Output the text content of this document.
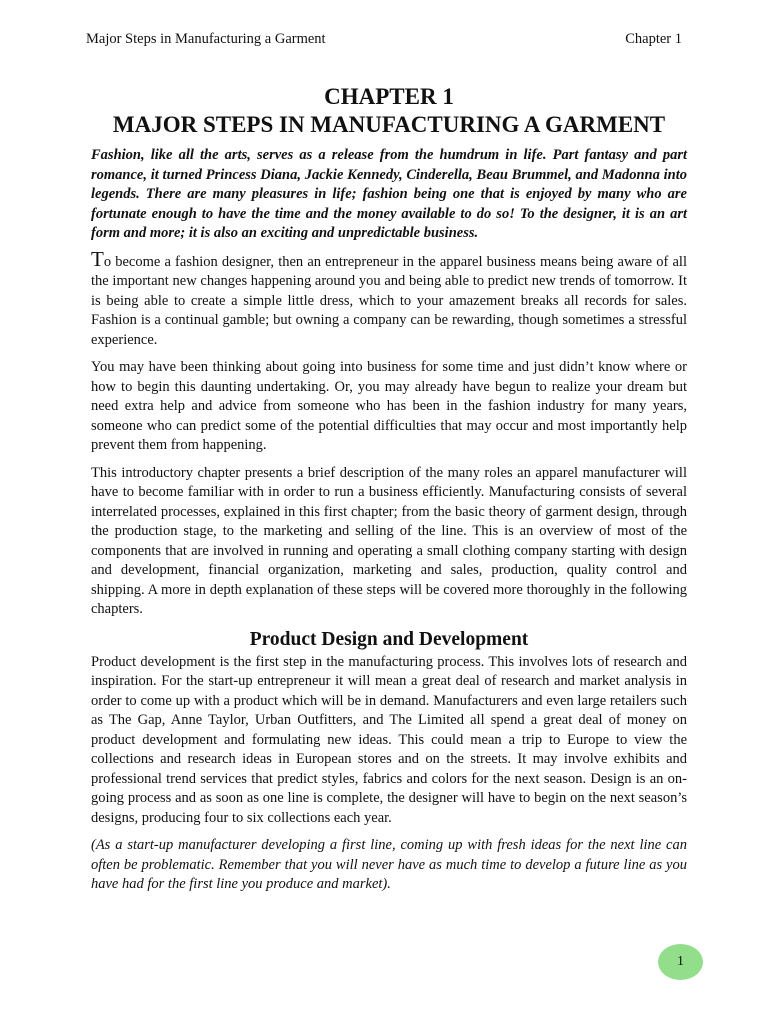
Major Steps in Manufacturing a Garment	Chapter 1
CHAPTER 1
MAJOR STEPS IN MANUFACTURING A GARMENT

Fashion, like all the arts, serves as a release from the humdrum in life. Part fantasy and part romance, it turned Princess Diana, Jackie Kennedy, Cinderella, Beau Brummel, and Madonna into legends. There are many pleasures in life; fashion being one that is enjoyed by many who are fortunate enough to have the time and the money available to do so! To the designer, it is an art form and more; it is also an exciting and unpredictable business.

To become a fashion designer, then an entrepreneur in the apparel business means being aware of all the important new changes happening around you and being able to predict new trends of tomorrow. It is being able to create a simple little dress, which to your amazement breaks all records for sales. Fashion is a continual gamble; but owning a company can be rewarding, though sometimes a stressful experience.

You may have been thinking about going into business for some time and just didn’t know where or how to begin this daunting undertaking. Or, you may already have begun to realize your dream but need extra help and advice from someone who has been in the fashion industry for many years, someone who can predict some of the potential difficulties that may occur and most importantly help prevent them from happening.

This introductory chapter presents a brief description of the many roles an apparel manufacturer will have to become familiar with in order to run a business efficiently. Manufacturing consists of several interrelated processes, explained in this first chapter; from the basic theory of garment design, through the production stage, to the marketing and selling of the line. This is an overview of most of the components that are involved in running and operating a small clothing company starting with design and development, financial organization, marketing and sales, production, quality control and shipping. A more in depth explanation of these steps will be covered more thoroughly in the following chapters.

Product Design and Development

Product development is the first step in the manufacturing process. This involves lots of research and inspiration. For the start-up entrepreneur it will mean a great deal of research and market analysis in order to come up with a product which will be in demand. Manufacturers and even large retailers such as The Gap, Anne Taylor, Urban Outfitters, and The Limited all spend a great deal of money on product development and formulating new ideas. This could mean a trip to Europe to view the collections and research ideas in European stores and on the streets. It may involve exhibits and professional trend services that predict styles, fabrics and colors for the next season. Design is an on-going process and as soon as one line is complete, the designer will have to begin on the next season’s designs, producing four to six collections each year.

(As a start-up manufacturer developing a first line, coming up with fresh ideas for the next line can often be problematic. Remember that you will never have as much time to develop a future line as you have had for the first line you produce and market).

1
